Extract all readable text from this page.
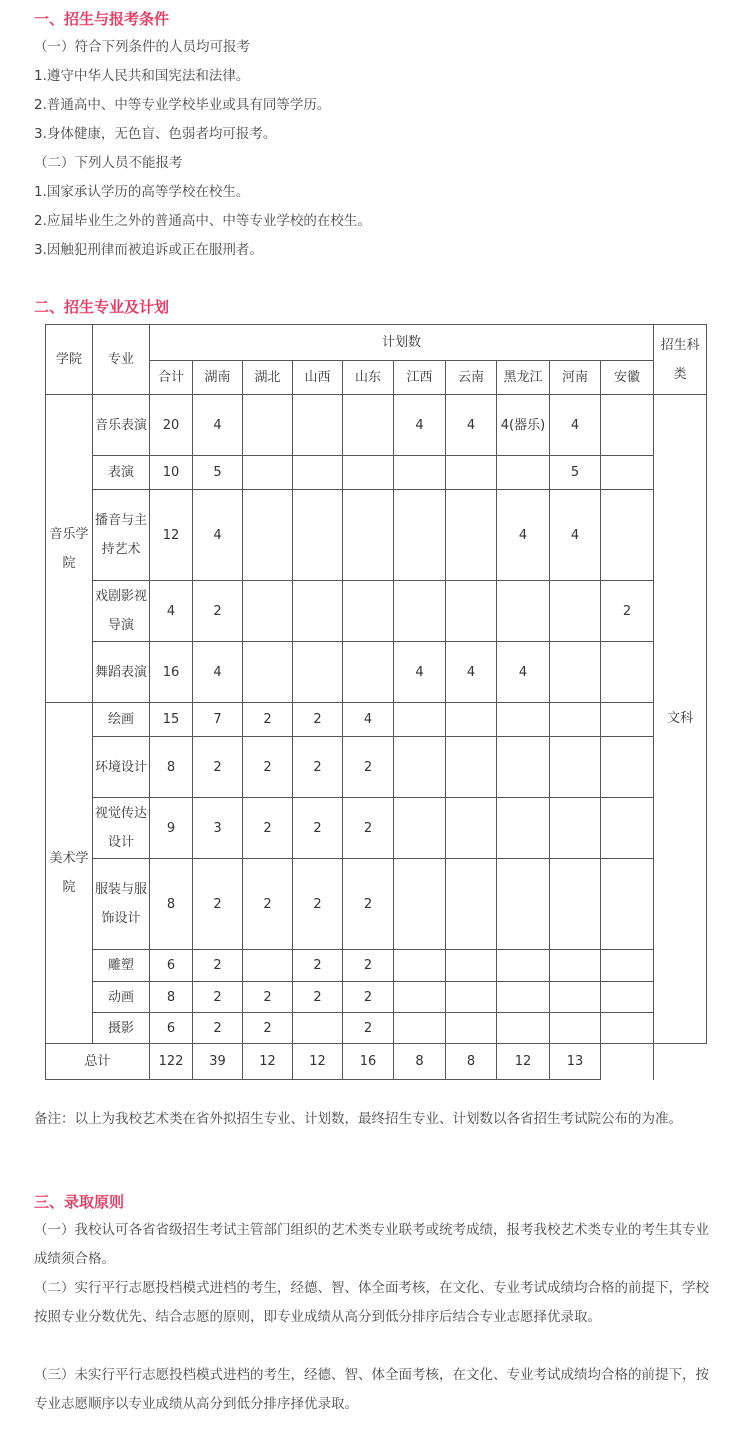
一、招生与报考条件
（一）符合下列条件的人员均可报考
1.遵守中华人民共和国宪法和法律。
2.普通高中、中等专业学校毕业或具有同等学历。
3.身体健康，无色盲、色弱者均可报考。
（二）下列人员不能报考
1.国家承认学历的高等学校在校生。
2.应届毕业生之外的普通高中、中等专业学校的在校生。
3.因触犯刑律而被追诉或正在服刑者。
二、招生专业及计划
学院	专业	计划数										招生科类
		合计	湖南	湖北	山西	山东	江西	云南	黑龙江	河南	安徽	
音乐学院	音乐表演	20	4				4	4	4(器乐)	4		文科
	表演	10	5							5		
	播音与主持艺术	12	4						4	4		
	戏剧影视导演	4	2								2	
	舞蹈表演	16	4				4	4	4			
美术学院	绘画	15	7	2	2	4						
	环境设计	8	2	2	2	2						
	视觉传达设计	9	3	2	2	2						
	服装与服饰设计	8	2	2	2	2						
	雕塑	6	2		2	2						
	动画	8	2	2	2	2						
	摄影	6	2	2		2						
总计		122	39	12	12	16	8	8	12	13		

备注：以上为我校艺术类在省外拟招生专业、计划数，最终招生专业、计划数以各省招生考试院公布的为准。

三、录取原则

（一）我校认可各省省级招生考试主管部门组织的艺术类专业联考或统考成绩，报考我校艺术类专业的考生其专业成绩须合格。

（二）实行平行志愿投档模式进档的考生，经德、智、体全面考核，在文化、专业考试成绩均合格的前提下，学校按照专业分数优先、结合志愿的原则，即专业成绩从高分到低分排序后结合专业志愿择优录取。

（三）未实行平行志愿投档模式进档的考生，经德、智、体全面考核，在文化、专业考试成绩均合格的前提下，按专业志愿顺序以专业成绩从高分到低分排序择优录取。
